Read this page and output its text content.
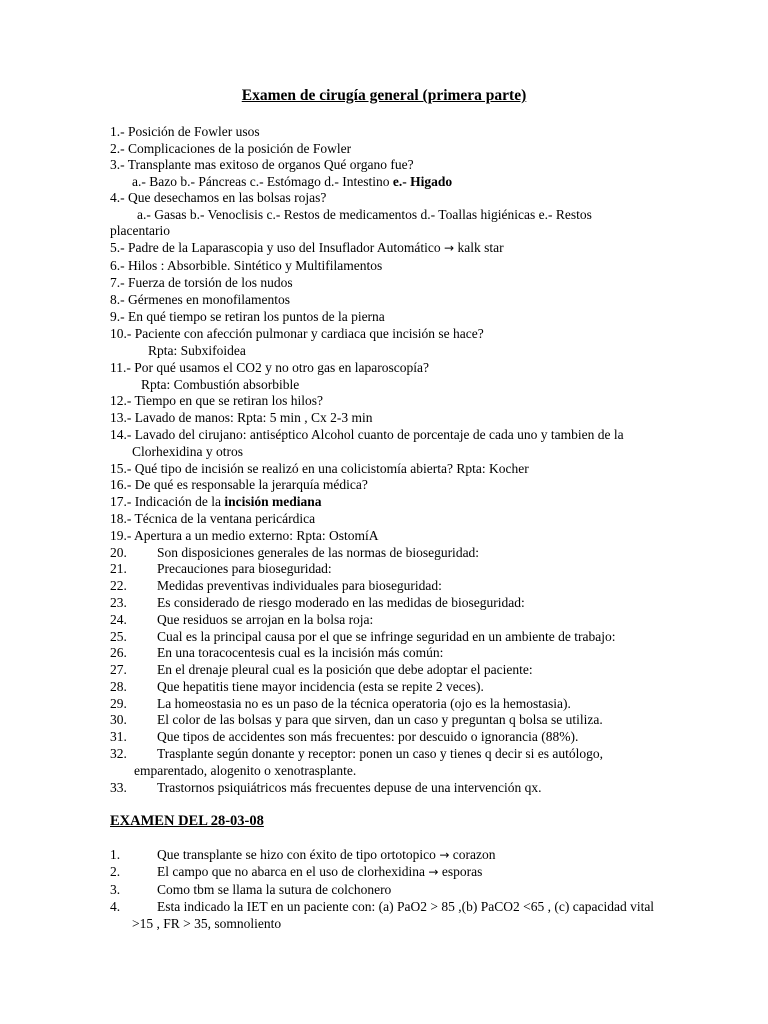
Examen de cirugía general (primera parte)
1.- Posición de Fowler usos
2.- Complicaciones de la posición de Fowler
3.- Transplante mas exitoso de organos Qué organo fue?
a.- Bazo b.- Páncreas c.- Estómago d.- Intestino e.- Higado
4.- Que desechamos en las bolsas rojas?
a.- Gasas b.- Venoclisis c.- Restos de medicamentos d.- Toallas higiénicas e.- Restos
placentario
5.- Padre de la Laparascopia y uso del Insuflador Automático → kalk star
6.- Hilos : Absorbible. Sintético y Multifilamentos
7.- Fuerza de torsión de los nudos
8.- Gérmenes en monofilamentos
9.- En qué tiempo se retiran los puntos de la pierna
10.- Paciente con afección pulmonar y cardiaca que incisión se hace?
Rpta: Subxifoidea
11.- Por qué usamos el CO2 y no otro gas en laparoscopía?
Rpta: Combustión absorbible
12.- Tiempo en que se retiran los hilos?
13.- Lavado de manos: Rpta: 5 min , Cx 2-3 min
14.- Lavado del cirujano: antiséptico Alcohol cuanto de porcentaje de cada uno y tambien de la
Clorhexidina y otros
15.- Qué tipo de incisión se realizó en una colicistomía abierta? Rpta: Kocher
16.- De qué es responsable la jerarquía médica?
17.- Indicación de la incisión mediana
18.- Técnica de la ventana pericárdica
19.- Apertura a un medio externo: Rpta: OstomíA
20. Son disposiciones generales de las normas de bioseguridad:
21. Precauciones para bioseguridad:
22. Medidas preventivas individuales para bioseguridad:
23. Es considerado de riesgo moderado en las medidas de bioseguridad:
24. Que residuos se arrojan en la bolsa roja:
25. Cual es la principal causa por el que se infringe seguridad en un ambiente de trabajo:
26. En una toracocentesis cual es la incisión más común:
27. En el drenaje pleural cual es la posición que debe adoptar el paciente:
28. Que hepatitis tiene mayor incidencia (esta se repite 2 veces).
29. La homeostasia no es un paso de la técnica operatoria (ojo es la hemostasia).
30. El color de las bolsas y para que sirven, dan un caso y preguntan q bolsa se utiliza.
31. Que tipos de accidentes son más frecuentes: por descuido o ignorancia (88%).
32. Trasplante según donante y receptor: ponen un caso y tienes q decir si es autólogo,
emparentado, alogenito o xenotrasplante.
33. Trastornos psiquiátricos más frecuentes depuse de una intervención qx.
EXAMEN DEL 28-03-08
1.	Que transplante se hizo con éxito de tipo ortotopico → corazon
2.	El campo que no abarca en el uso de clorhexidina → esporas
3.	Como tbm se llama la sutura de colchonero
4.	Esta indicado la IET en un paciente con: (a) PaO2 > 85 ,(b) PaCO2 <65 , (c) capacidad vital
>15 , FR > 35, somnoliento
